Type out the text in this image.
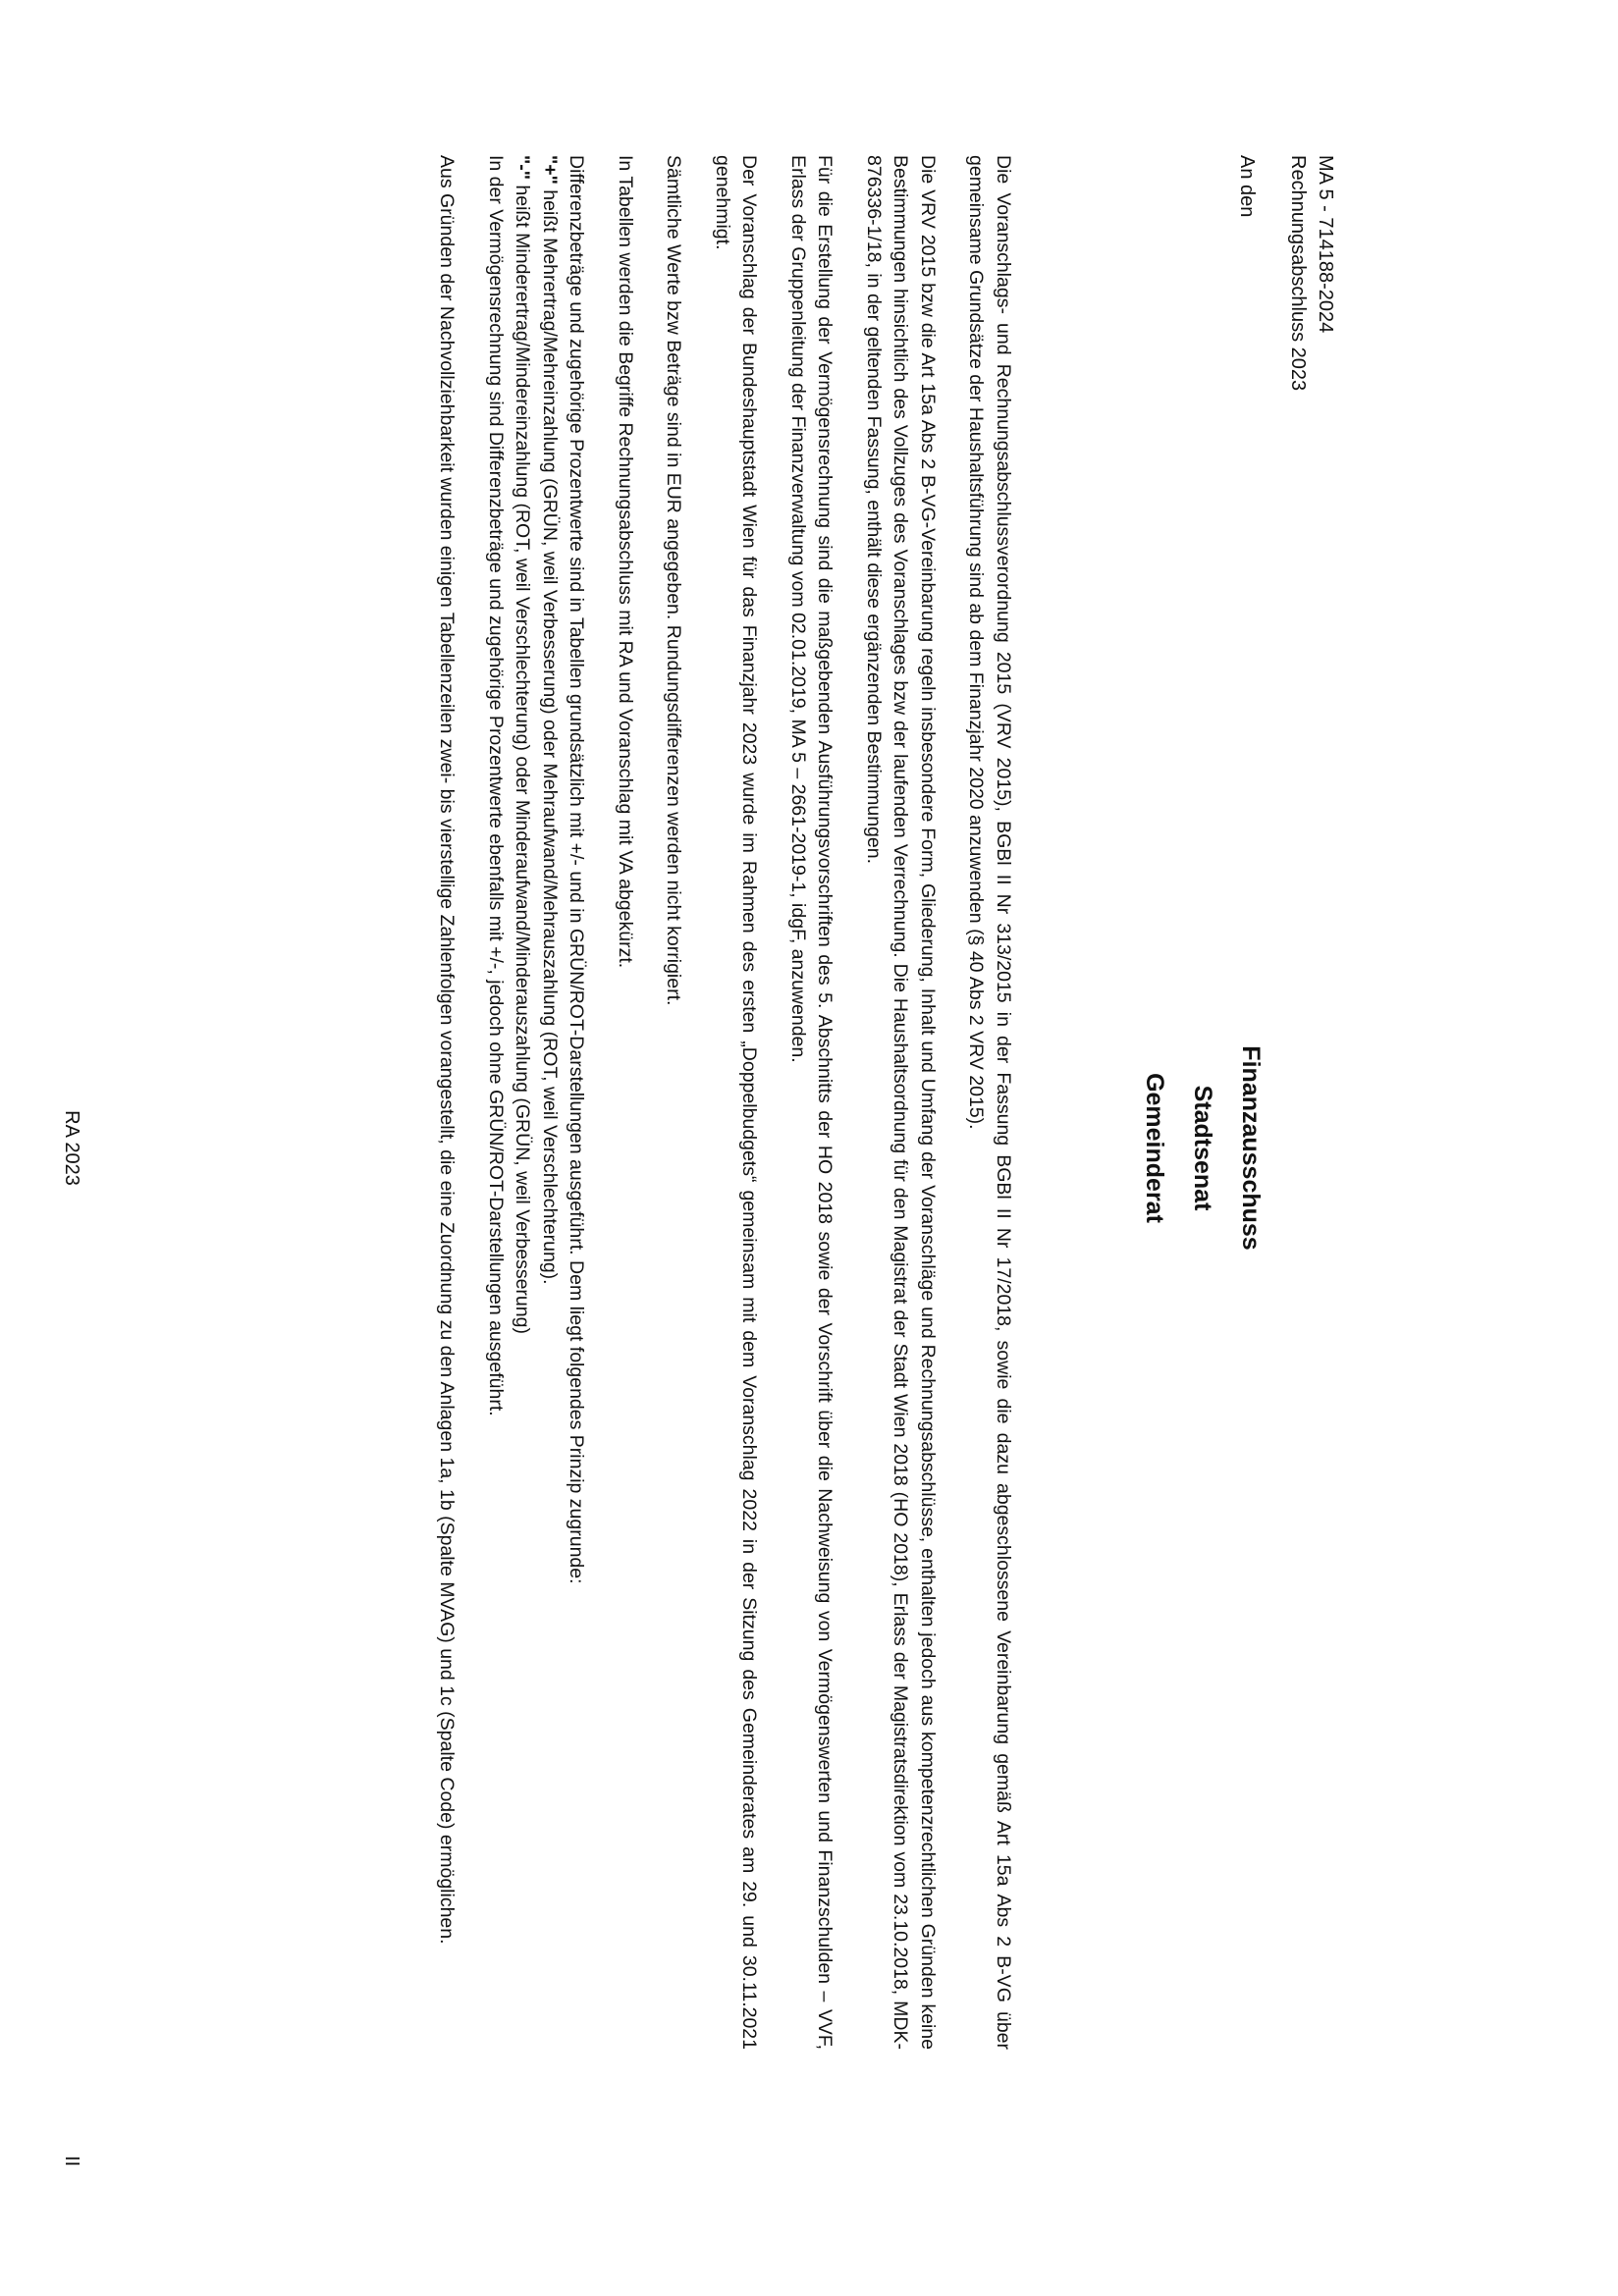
MA 5 - 714188-2024
Rechnungsabschluss 2023
An den
Finanzausschuss
Stadtsenat
Gemeinderat

Die Voranschlags- und Rechnungsabschlussverordnung 2015 (VRV 2015), BGBl II Nr 313/2015 in der Fassung BGBl II Nr 17/2018, sowie die dazu abgeschlossene Vereinbarung gemäß Art 15a Abs 2 B-VG über gemeinsame Grundsätze der Haushaltsführung sind ab dem Finanzjahr 2020 anzuwenden (§ 40 Abs 2 VRV 2015).

Die VRV 2015 bzw die Art 15a Abs 2 B-VG-Vereinbarung regeln insbesondere Form, Gliederung, Inhalt und Umfang der Voranschläge und Rechnungsabschlüsse, enthalten jedoch aus kompetenzrechtlichen Gründen keine Bestimmungen hinsichtlich des Vollzuges des Voranschlages bzw der laufenden Verrechnung. Die Haushaltsordnung für den Magistrat der Stadt Wien 2018 (HO 2018), Erlass der Magistratsdirektion vom 23.10.2018, MDK-876336-1/18, in der geltenden Fassung, enthält diese ergänzenden Bestimmungen.

Für die Erstellung der Vermögensrechnung sind die maßgebenden Ausführungsvorschriften des 5. Abschnitts der HO 2018 sowie der Vorschrift über die Nachweisung von Vermögenswerten und Finanzschulden – VVF, Erlass der Gruppenleitung der Finanzverwaltung vom 02.01.2019, MA 5 – 2661-2019-1, idgF, anzuwenden.

Der Voranschlag der Bundeshauptstadt Wien für das Finanzjahr 2023 wurde im Rahmen des ersten „Doppelbudgets“ gemeinsam mit dem Voranschlag 2022 in der Sitzung des Gemeinderates am 29. und 30.11.2021 genehmigt.

Sämtliche Werte bzw Beträge sind in EUR angegeben. Rundungsdifferenzen werden nicht korrigiert.

In Tabellen werden die Begriffe Rechnungsabschluss mit RA und Voranschlag mit VA abgekürzt.

Differenzbeträge und zugehörige Prozentwerte sind in Tabellen grundsätzlich mit +/- und in GRÜN/ROT-Darstellungen ausgeführt. Dem liegt folgendes Prinzip zugrunde:
"+" heißt Mehrertrag/Mehreinzahlung (GRÜN, weil Verbesserung) oder Mehraufwand/Mehrauszahlung (ROT, weil Verschlechterung).
"-" heißt Minderertrag/Mindereinzahlung (ROT, weil Verschlechterung) oder Minderaufwand/Minderauszahlung (GRÜN, weil Verbesserung)
In der Vermögensrechnung sind Differenzbeträge und zugehörige Prozentwerte ebenfalls mit +/-, jedoch ohne GRÜN/ROT-Darstellungen ausgeführt.

Aus Gründen der Nachvollziehbarkeit wurden einigen Tabellenzeilen zwei- bis vierstellige Zahlenfolgen vorangestellt, die eine Zuordnung zu den Anlagen 1a, 1b (Spalte MVAG) und 1c (Spalte Code) ermöglichen.

RA 2023
II
